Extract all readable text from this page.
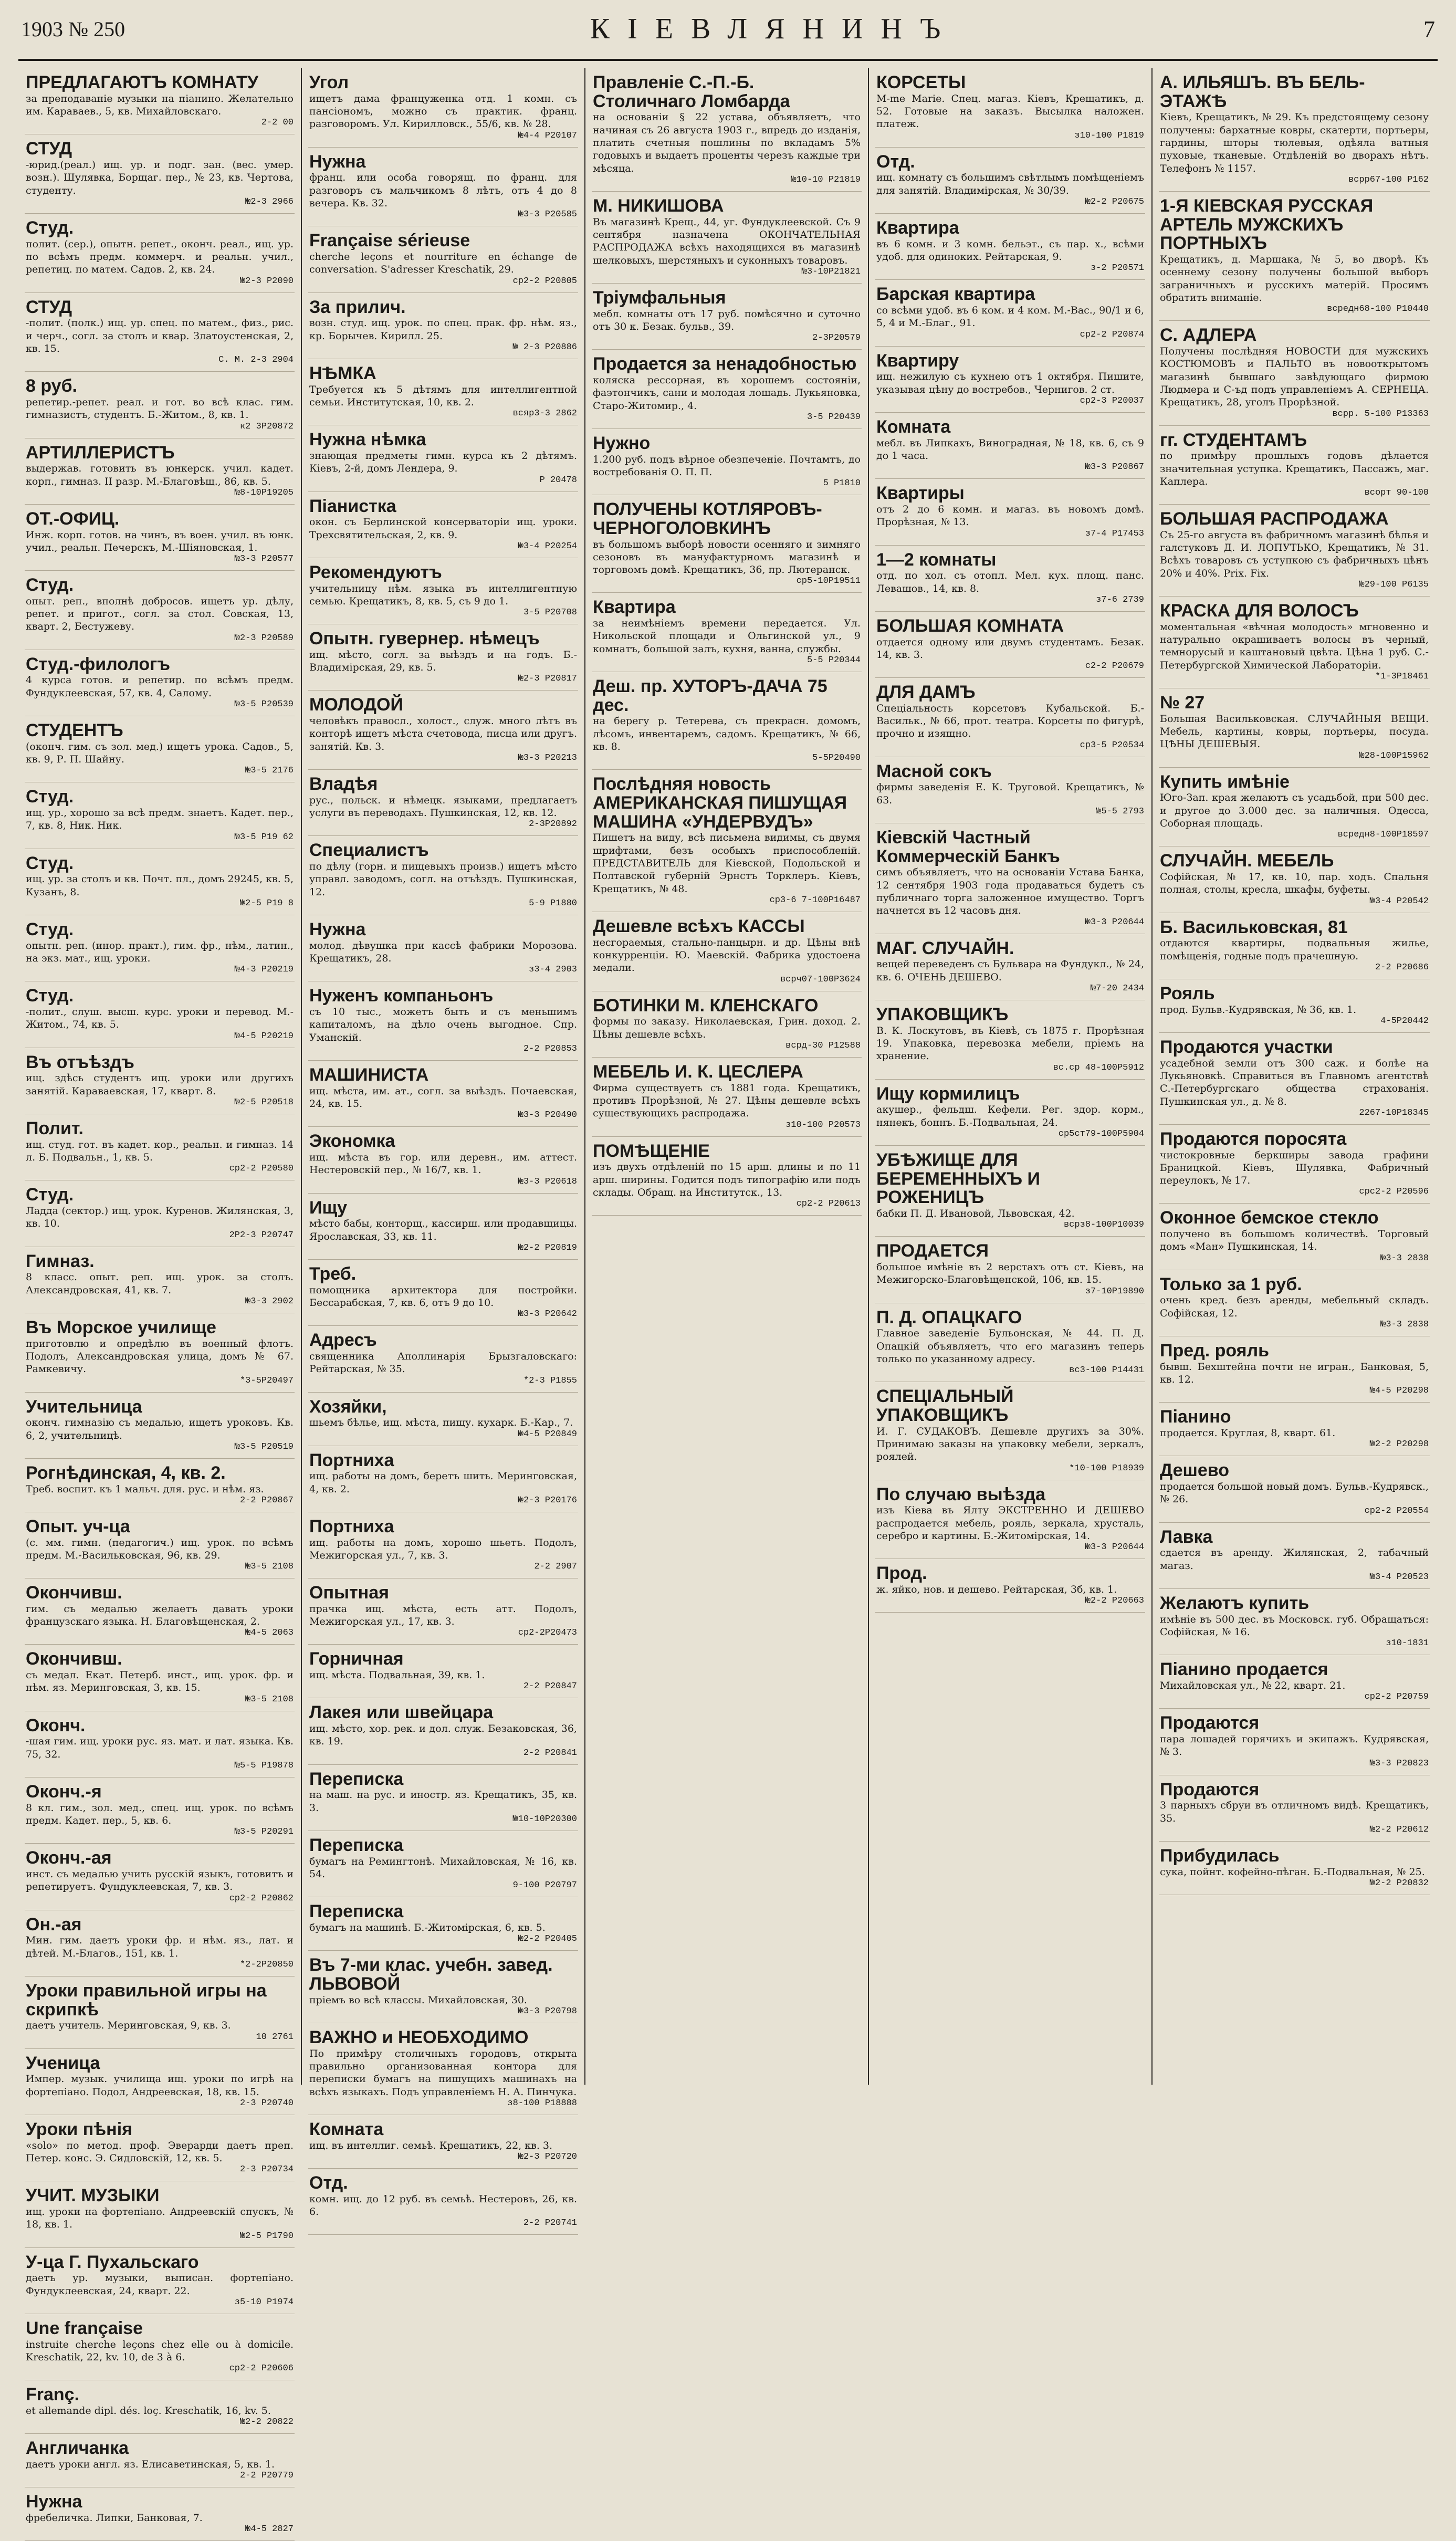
1903 № 250	КІЕВЛЯНИНЪ	7
ПРЕДЛАГАЮТЪ КОМНАТУ
за преподаваніе музыки на піанино. Желательно им. Караваев., 5, кв. Михайловскаго.
2-2 00
СТУД
-юрид.(реал.) ищ. ур. и подг. зан. (вес. умер. возн.). Шулявка, Борщаг. пер., № 23, кв. Чертова, студенту.
№2-3 2966
Студ.
полит. (сер.), опытн. репет., оконч. реал., ищ. ур. по всѣмъ предм. коммерч. и реальн. учил., репетиц. по матем. Садов. 2, кв. 24.
№2-3 Р2090
СТУД
-полит. (полк.) ищ. ур. спец. по матем., физ., рис. и черч., согл. за столъ и квар. Златоустенская, 2, кв. 15.
С. М. 2-3 2904
8 руб.
репетир.-репет. реал. и гот. во всѣ клас. гим. гимназистъ, студентъ. Б.-Житом., 8, кв. 1.
к2 3Р20872
АРТИЛЛЕРИСТЪ
выдержав. готовить въ юнкерск. учил. кадет. корп., гимназ. II разр. М.-Благовѣщ., 86, кв. 5.
№8-10Р19205
ОТ.-ОФИЦ.
Инж. корп. готов. на чинъ, въ воен. учил. въ юнк. учил., реальн. Печерскъ, М.-Шіяновская, 1.
№3-3 Р20577
Студ.
опыт. реп., вполнѣ добросов. ищетъ ур. дѣлу, репет. и пригот., согл. за стол. Совская, 13, кварт. 2, Бестужеву.
№2-3 Р20589
Студ.-филологъ
4 курса готов. и репетир. по всѣмъ предм. Фундуклеевская, 57, кв. 4, Салому.
№3-5 Р20539
СТУДЕНТЪ
(оконч. гим. съ зол. мед.) ищетъ урока. Садов., 5, кв. 9, Р. П. Шайну.
№3-5 2176
Студ.
ищ. ур., хорошо за всѣ предм. знаетъ. Кадет. пер., 7, кв. 8, Ник. Ник.
№3-5 Р19 62
Студ.
ищ. ур. за столъ и кв. Почт. пл., домъ 29245, кв. 5, Кузанъ, 8.
№2-5 Р19 8
Студ.
опытн. реп. (инор. практ.), гим. фр., нѣм., латин., на экз. мат., ищ. уроки.
№4-3 Р20219
Студ.
-полит., слуш. высш. курс. уроки и перевод. М.-Житом., 74, кв. 5.
№4-5 Р20219
Въ отъѣздъ
ищ. здѣсь студентъ ищ. уроки или другихъ занятій. Караваевская, 17, кварт. 8.
№2-5 Р20518
Полит.
ищ. студ. гот. въ кадет. кор., реальн. и гимназ. 14 л. Б. Подвальн., 1, кв. 5.
ср2-2 Р20580
Студ.
Ладда (сектор.) ищ. урок. Куренов. Жилянская, 3, кв. 10.
2Р2-3 Р20747
Гимназ.
8 класс. опыт. реп. ищ. урок. за столъ. Александровская, 41, кв. 7.
№3-3 2902
Въ Морское училище
приготовлю и опредѣлю въ военный флотъ. Подолъ, Александровская улица, домъ № 67. Рамкевичу.
*3-5Р20497
Учительница
оконч. гимназію съ медалью, ищетъ уроковъ. Кв. 6, 2, учительницѣ.
№3-5 Р20519
Рогнѣдинская, 4, кв. 2.
Треб. воспит. къ 1 мальч. для. рус. и нѣм. яз.
2-2 Р20867
Опыт. уч-ца
(с. мм. гимн. (педагогич.) ищ. урок. по всѣмъ предм. М.-Васильковская, 96, кв. 29.
№3-5 2108
Окончивш.
гим. съ медалью желаетъ давать уроки французскаго языка. Н. Благовѣщенская, 2.
№4-5 2063
Окончивш.
съ медал. Екат. Петерб. инст., ищ. урок. фр. и нѣм. яз. Меринговская, 3, кв. 15.
№3-5 2108
Оконч.
-шая гим. ищ. уроки рус. яз. мат. и лат. языка. Кв. 75, 32.
№5-5 Р19878
Оконч.-я
8 кл. гим., зол. мед., спец. ищ. урок. по всѣмъ предм. Кадет. пер., 5, кв. 6.
№3-5 Р20291
Оконч.-ая
инст. съ медалью учить русскій языкъ, готовитъ и репетируетъ. Фундуклеевская, 7, кв. 3.
ср2-2 Р20862
Он.-ая
Мин. гим. даетъ уроки фр. и нѣм. яз., лат. и дѣтей. М.-Благов., 151, кв. 1.
*2-2Р20850
Уроки правильной игры на скрипкѣ
даетъ учитель. Меринговская, 9, кв. 3.
10 2761
Ученица
Импер. музык. училища ищ. уроки по игрѣ на фортепіано. Подол, Андреевская, 18, кв. 15.
2-3 Р20740
Уроки пѣнія
«solo» по метод. проф. Эверарди даетъ преп. Петер. конс. Э. Сидловскій, 12, кв. 5.
2-3 Р20734
УЧИТ. МУЗЫКИ
ищ. уроки на фортепіано. Андреевскій спускъ, № 18, кв. 1.
№2-5 Р1790
У-ца Г. Пухальскаго
даетъ ур. музыки, выписан. фортепіано. Фундуклеевская, 24, кварт. 22.
з5-10 Р1974
Une française
instruite cherche leçons chez elle ou à domicile. Kreschatik, 22, kv. 10, de 3 à 6.
ср2-2 Р20606
Franç.
et allemande dipl. dés. loç. Kreschatik, 16, kv. 5.
№2-2 20822
Англичанка
даетъ уроки англ. яз. Елисаветинская, 5, кв. 1.
2-2 Р20779
Нужна
фребеличка. Липки, Банковая, 7.
№4-5 2827
Угол
ищетъ дама француженка отд. 1 комн. съ пансіономъ, можно съ практик. франц. разговоромъ. Ул. Кирилловск., 55/6, кв. № 28.
№4-4 Р20107
Нужна
франц. или особа говорящ. по франц. для разговоръ съ мальчикомъ 8 лѣтъ, отъ 4 до 8 вечера. Кв. 32.
№3-3 Р20585
Française sérieuse
cherche leçons et nourriture en échange de conversation. S'adresser Kreschatik, 29.
ср2-2 Р20805
За прилич.
возн. студ. ищ. урок. по спец. прак. фр. нѣм. яз., кр. Борычев. Кирилл. 25.
№ 2-3 Р20886
НѢМКА
Требуется къ 5 дѣтямъ для интеллигентной семьи. Институтская, 10, кв. 2.
всяр3-3 2862
Нужна нѣмка
знающая предметы гимн. курса къ 2 дѣтямъ. Кіевъ, 2-й, домъ Лендера, 9.
Р 20478
Піанистка
окон. съ Берлинской консерваторіи ищ. уроки. Трехсвятительская, 2, кв. 9.
№3-4 Р20254
Рекомендуютъ
учительницу нѣм. языка въ интеллигентную семью. Крещатикъ, 8, кв. 5, съ 9 до 1.
3-5 Р20708
Опытн. гувернер. нѣмецъ
ищ. мѣсто, согл. за выѣздъ и на годъ. Б.-Владимірская, 29, кв. 5.
№2-3 Р20817
МОЛОДОЙ
человѣкъ правосл., холост., служ. много лѣтъ въ конторѣ ищетъ мѣста счетовода, писца или другъ. занятій. Кв. 3.
№3-3 Р20213
Владѣя
рус., польск. и нѣмецк. языками, предлагаетъ услуги въ переводахъ. Пушкинская, 12, кв. 12.
2-3Р20892
Специалистъ
по дѣлу (горн. и пищевыхъ произв.) ищетъ мѣсто управл. заводомъ, согл. на отъѣздъ. Пушкинская, 12.
5-9 Р1880
Нужна
молод. дѣвушка при кассѣ фабрики Морозова. Крещатикъ, 28.
з3-4 2903
Нуженъ компаньонъ
съ 10 тыс., можетъ быть и съ меньшимъ капиталомъ, на дѣло очень выгодное. Спр. Уманскій.
2-2 Р20853
МАШИНИСТА
ищ. мѣста, им. ат., согл. за выѣздъ. Почаевская, 24, кв. 15.
№3-3 Р20490
Экономка
ищ. мѣста въ гор. или деревн., им. аттест. Нестеровскій пер., № 16/7, кв. 1.
№3-3 Р20618
Ищу
мѣсто бабы, конторщ., кассирш. или продавщицы. Ярославская, 33, кв. 11.
№2-2 Р20819
Треб.
помощника архитектора для постройки. Бессарабская, 7, кв. 6, отъ 9 до 10.
№3-3 Р20642
Адресъ
священника Аполлинарія Брызгаловскаго: Рейтарская, № 35.
*2-3 Р1855
Хозяйки,
шьемъ бѣлье, ищ. мѣста, пищу. кухарк. Б.-Кар., 7.
№4-5 Р20849
Портниха
ищ. работы на домъ, беретъ шить. Меринговская, 4, кв. 2.
№2-3 Р20176
Портниха
ищ. работы на домъ, хорошо шьетъ. Подолъ, Межигорская ул., 7, кв. 3.
2-2 2907
Опытная
прачка ищ. мѣста, есть атт. Подолъ, Межигорская ул., 17, кв. 3.
ср2-2Р20473
Горничная
ищ. мѣста. Подвальная, 39, кв. 1.
2-2 Р20847
Лакея или швейцара
ищ. мѣсто, хор. рек. и дол. служ. Безаковская, 36, кв. 19.
2-2 Р20841
Переписка
на маш. на рус. и иностр. яз. Крещатикъ, 35, кв. 3.
№10-10Р20300
Переписка
бумагъ на Ремингтонѣ. Михайловская, № 16, кв. 54.
9-100 Р20797
Переписка
бумагъ на машинѣ. Б.-Житомірская, 6, кв. 5.
№2-2 Р20405
Въ 7-ми клас. учебн. завед. ЛЬВОВОЙ
пріемъ во всѣ классы. Михайловская, 30.
№3-3 Р20798
ВАЖНО и НЕОБХОДИМО
По примѣру столичныхъ городовъ, открыта правильно организованная контора для переписки бумагъ на пишущихъ машинахъ на всѣхъ языкахъ. Подъ управленіемъ Н. А. Пинчука.
з8-100 Р18888
Комната
ищ. въ интеллиг. семьѣ. Крещатикъ, 22, кв. 3.
№2-3 Р20720
Отд.
комн. ищ. до 12 руб. въ семьѣ. Нестеровъ, 26, кв. 6.
2-2 Р20741
Правленіе С.-П.-Б. Столичнаго Ломбарда
на основаніи § 22 устава, объявляетъ, что начиная съ 26 августа 1903 г., впредь до изданія, платить счетныя пошлины по вкладамъ 5% годовыхъ и выдаетъ проценты черезъ каждые три мѣсяца.
№10-10 Р21819
М. НИКИШОВА
Въ магазинѣ Крещ., 44, уг. Фундуклеевской. Съ 9 сентября назначена ОКОНЧАТЕЛЬНАЯ РАСПРОДАЖА всѣхъ находящихся въ магазинѣ шелковыхъ, шерстяныхъ и суконныхъ товаровъ.
№3-10Р21821
Тріумфальныя
мебл. комнаты отъ 17 руб. помѣсячно и суточно отъ 30 к. Безак. бульв., 39.
2-3Р20579
Продается за ненадобностью
коляска рессорная, въ хорошемъ состояніи, фаэтончикъ, сани и молодая лошадь. Лукьяновка, Старо-Житомир., 4.
3-5 Р20439
Нужно
1.200 руб. подъ вѣрное обезпеченіе. Почтамтъ, до востребованія О. П. П.
5 Р1810
ПОЛУЧЕНЫ КОТЛЯРОВЪ-ЧЕРНОГОЛОВКИНЪ
въ большомъ выборѣ новости осенняго и зимняго сезоновъ въ мануфактурномъ магазинѣ и торговомъ домѣ. Крещатикъ, 36, пр. Лютеранск.
ср5-10Р19511
Квартира
за неимѣніемъ времени передается. Ул. Никольской площади и Ольгинской ул., 9 комнатъ, большой залъ, кухня, ванна, службы.
5-5 Р20344
Деш. пр. ХУТОРЪ-ДАЧА 75 дес.
на берегу р. Тетерева, съ прекрасн. домомъ, лѣсомъ, инвентаремъ, садомъ. Крещатикъ, № 66, кв. 8.
5-5Р20490
Послѣдняя новость АМЕРИКАНСКАЯ ПИШУЩАЯ МАШИНА «УНДЕРВУДЪ»
Пишетъ на виду, всѣ письмена видимы, съ двумя шрифтами, безъ особыхъ приспособленій. ПРЕДСТАВИТЕЛЬ для Кіевской, Подольской и Полтавской губерній Эрнстъ Торклеръ. Кіевъ, Крещатикъ, № 48.
ср3-6 7-100Р16487
Дешевле всѣхъ КАССЫ
несгораемыя, стально-панцырн. и др. Цѣны внѣ конкурренціи. Ю. Маевскій. Фабрика удостоена медали.
всрч07-100Р3624
БОТИНКИ М. КЛЕНСКАГО
формы по заказу. Николаевская, Грин. доход. 2. Цѣны дешевле всѣхъ.
всрд-30 Р12588
МЕБЕЛЬ И. К. ЦЕСЛЕРА
Фирма существуетъ съ 1881 года. Крещатикъ, противъ Прорѣзной, № 27. Цѣны дешевле всѣхъ существующихъ распродажа.
з10-100 Р20573
ПОМѢЩЕНІЕ
изъ двухъ отдѣленій по 15 арш. длины и по 11 арш. ширины. Годится подъ типографію или подъ склады. Обращ. на Институтск., 13.
ср2-2 Р20613
КОРСЕТЫ
M-me Marie. Спец. магаз. Кіевъ, Крещатикъ, д. 52. Готовые на заказъ. Высылка наложен. платеж.
з10-100 Р1819
Отд.
ищ. комнату съ большимъ свѣтлымъ помѣщеніемъ для занятій. Владимірская, № 30/39.
№2-2 Р20675
Квартира
въ 6 комн. и 3 комн. бельэт., съ пар. х., всѣми удоб. для одиноких. Рейтарская, 9.
з-2 Р20571
Барская квартира
со всѣми удоб. въ 6 ком. и 4 ком. М.-Вас., 90/1 и 6, 5, 4 и М.-Благ., 91.
ср2-2 Р20874
Квартиру
ищ. нежилую съ кухнею отъ 1 октября. Пишите, указывая цѣну до востребов., Чернигов. 2 ст.
ср2-3 Р20037
Комната
мебл. въ Липкахъ, Виноградная, № 18, кв. 6, съ 9 до 1 часа.
№3-3 Р20867
Квартиры
отъ 2 до 6 комн. и магаз. въ новомъ домѣ. Прорѣзная, № 13.
з7-4 Р17453
1—2 комнаты
отд. по хол. съ отопл. Мел. кух. площ. панс. Левашов., 14, кв. 8.
з7-6 2739
БОЛЬШАЯ КОМНАТА
отдается одному или двумъ студентамъ. Безак. 14, кв. 3.
с2-2 Р20679
ДЛЯ ДАМЪ
Спеціальность корсетовъ Кубальской. Б.-Васильк., № 66, прот. театра. Корсеты по фигурѣ, прочно и изящно.
ср3-5 Р20534
Масной сокъ
фирмы заведенія Е. К. Труговой. Крещатикъ, № 63.
№5-5 2793
Кіевскій Частный Коммерческій Банкъ
симъ объявляетъ, что на основаніи Устава Банка, 12 сентября 1903 года продаваться будетъ съ публичнаго торга заложенное имущество. Торгъ начнется въ 12 часовъ дня.
№3-3 Р20644
МАГ. СЛУЧАЙН.
вещей переведенъ съ Бульвара на Фундукл., № 24, кв. 6. ОЧЕНЬ ДЕШЕВО.
№7-20 2434
УПАКОВЩИКЪ
В. К. Лоскутовъ, въ Кіевѣ, съ 1875 г. Прорѣзная 19. Упаковка, перевозка мебели, пріемъ на хранение.
вс.ср 48-100Р5912
Ищу кормилицъ
акушер., фельдш. Кефели. Рег. здор. корм., нянекъ, боннъ. Б.-Подвальная, 24.
ср5ст79-100Р5904
УБѢЖИЩЕ ДЛЯ БЕРЕМЕННЫХЪ И РОЖЕНИЦЪ
бабки П. Д. Ивановой, Львовская, 42.
всрз8-100Р10039
ПРОДАЕТСЯ
большое имѣніе въ 2 верстахъ отъ ст. Кіевъ, на Межигорско-Благовѣщенской, 106, кв. 15.
з7-10Р19890
П. Д. ОПАЦКАГО
Главное заведеніе Бульонская, № 44. П. Д. Опацкій объявляетъ, что его магазинъ теперь только по указанному адресу.
вс3-100 Р14431
СПЕЦІАЛЬНЫЙ УПАКОВЩИКЪ
И. Г. СУДАКОВЪ. Дешевле другихъ за 30%. Принимаю заказы на упаковку мебели, зеркалъ, роялей.
*10-100 Р18939
По случаю выѣзда
изъ Кіева въ Ялту ЭКСТРЕННО И ДЕШЕВО распродается мебель, рояль, зеркала, хрусталь, серебро и картины. Б.-Житомірская, 14.
№3-3 Р20644
Прод.
ж. яйко, нов. и дешево. Рейтарская, 3б, кв. 1.
№2-2 Р20663
А. ИЛЬЯШЪ. ВЪ БЕЛЬ-ЭТАЖѢ
Кіевъ, Крещатикъ, № 29. Къ предстоящему сезону получены: бархатные ковры, скатерти, портьеры, гардины, шторы тюлевыя, одѣяла ватныя пуховые, тканевые. Отдѣленій во дворахъ нѣтъ. Телефонъ № 1157.
всрр67-100 Р162
1-Я КІЕВСКАЯ РУССКАЯ АРТЕЛЬ МУЖСКИХЪ ПОРТНЫХЪ
Крещатикъ, д. Маршака, № 5, во дворѣ. Къ осеннему сезону получены большой выборъ заграничныхъ и русскихъ матерій. Просимъ обратить вниманіе.
всредн68-100 Р10440
С. АДЛЕРА
Получены послѣдняя НОВОСТИ для мужскихъ КОСТЮМОВЪ и ПАЛЬТО въ новооткрытомъ магазинѣ бывшаго завѣдующаго фирмою Людмера и С-ъд подъ управленіемъ А. СЕРНЕЦА. Крещатикъ, 28, уголъ Прорѣзной.
всрр. 5-100 Р13363
гг. СТУДЕНТАМЪ
по примѣру прошлыхъ годовъ дѣлается значительная уступка. Крещатикъ, Пассажъ, маг. Каплера.
всорт 90-100
БОЛЬШАЯ РАСПРОДАЖА
Съ 25-го августа въ фабричномъ магазинѣ бѣлья и галстуковъ Д. И. ЛОПУТЬКО, Крещатикъ, № 31. Всѣхъ товаровъ съ уступкою съ фабричныхъ цѣнъ 20% и 40%. Prix. Fix.
№29-100 Р6135
КРАСКА ДЛЯ ВОЛОСЪ
моментальная «вѣчная молодость» мгновенно и натурально окрашиваетъ волосы въ черный, темнорусый и каштановый цвѣта. Цѣна 1 руб. С.-Петербургской Химической Лабораторіи.
*1-3Р18461
№ 27
Большая Васильковская. СЛУЧАЙНЫЯ ВЕЩИ. Мебель, картины, ковры, портьеры, посуда. ЦѢНЫ ДЕШЕВЫЯ.
№28-100Р15962
Купить имѣніе
Юго-Зап. края желаютъ съ усадьбой, при 500 дес. и другое до 3.000 дес. за наличныя. Одесса, Соборная площадь.
всредн8-100Р18597
СЛУЧАЙН. МЕБЕЛЬ
Софійская, № 17, кв. 10, пар. ходъ. Спальня полная, столы, кресла, шкафы, буфеты.
№3-4 Р20542
Б. Васильковская, 81
отдаются квартиры, подвальныя жилье, помѣщенія, годные подъ прачешную.
2-2 Р20686
Рояль
прод. Бульв.-Кудрявская, № 36, кв. 1.
4-5Р20442
Продаются участки
усадебной земли отъ 300 саж. и болѣе на Лукьяновкѣ. Справиться въ Главномъ агентствѣ С.-Петербургскаго общества страхованія. Пушкинская ул., д. № 8.
2267-10Р18345
Продаются поросята
чистокровные беркширы завода графини Браницкой. Кіевъ, Шулявка, Фабричный переулокъ, № 17.
срс2-2 Р20596
Оконное бемское стекло
получено въ большомъ количествѣ. Торговый домъ «Ман» Пушкинская, 14.
№3-3 2838
Только за 1 руб.
очень кред. безъ аренды, мебельный складъ. Софійская, 12.
№3-3 2838
Пред. рояль
бывш. Бехштейна почти не игран., Банковая, 5, кв. 12.
№4-5 Р20298
Піанино
продается. Круглая, 8, кварт. 61.
№2-2 Р20298
Дешево
продается большой новый домъ. Бульв.-Кудрявск., № 26.
ср2-2 Р20554
Лавка
сдается въ аренду. Жилянская, 2, табачный магаз.
№3-4 Р20523
Желаютъ купить
имѣніе въ 500 дес. въ Московск. губ. Обращаться: Софійская, № 16.
з10-1831
Піанино продается
Михайловская ул., № 22, кварт. 21.
ср2-2 Р20759
Продаются
пара лошадей горячихъ и экипажъ. Кудрявская, № 3.
№3-3 Р20823
Продаются
3 парныхъ сбруи въ отличномъ видѣ. Крещатикъ, 35.
№2-2 Р20612
Прибудилась
сука, пойнт. кофейно-пѣган. Б.-Подвальная, № 25.
№2-2 Р20832
